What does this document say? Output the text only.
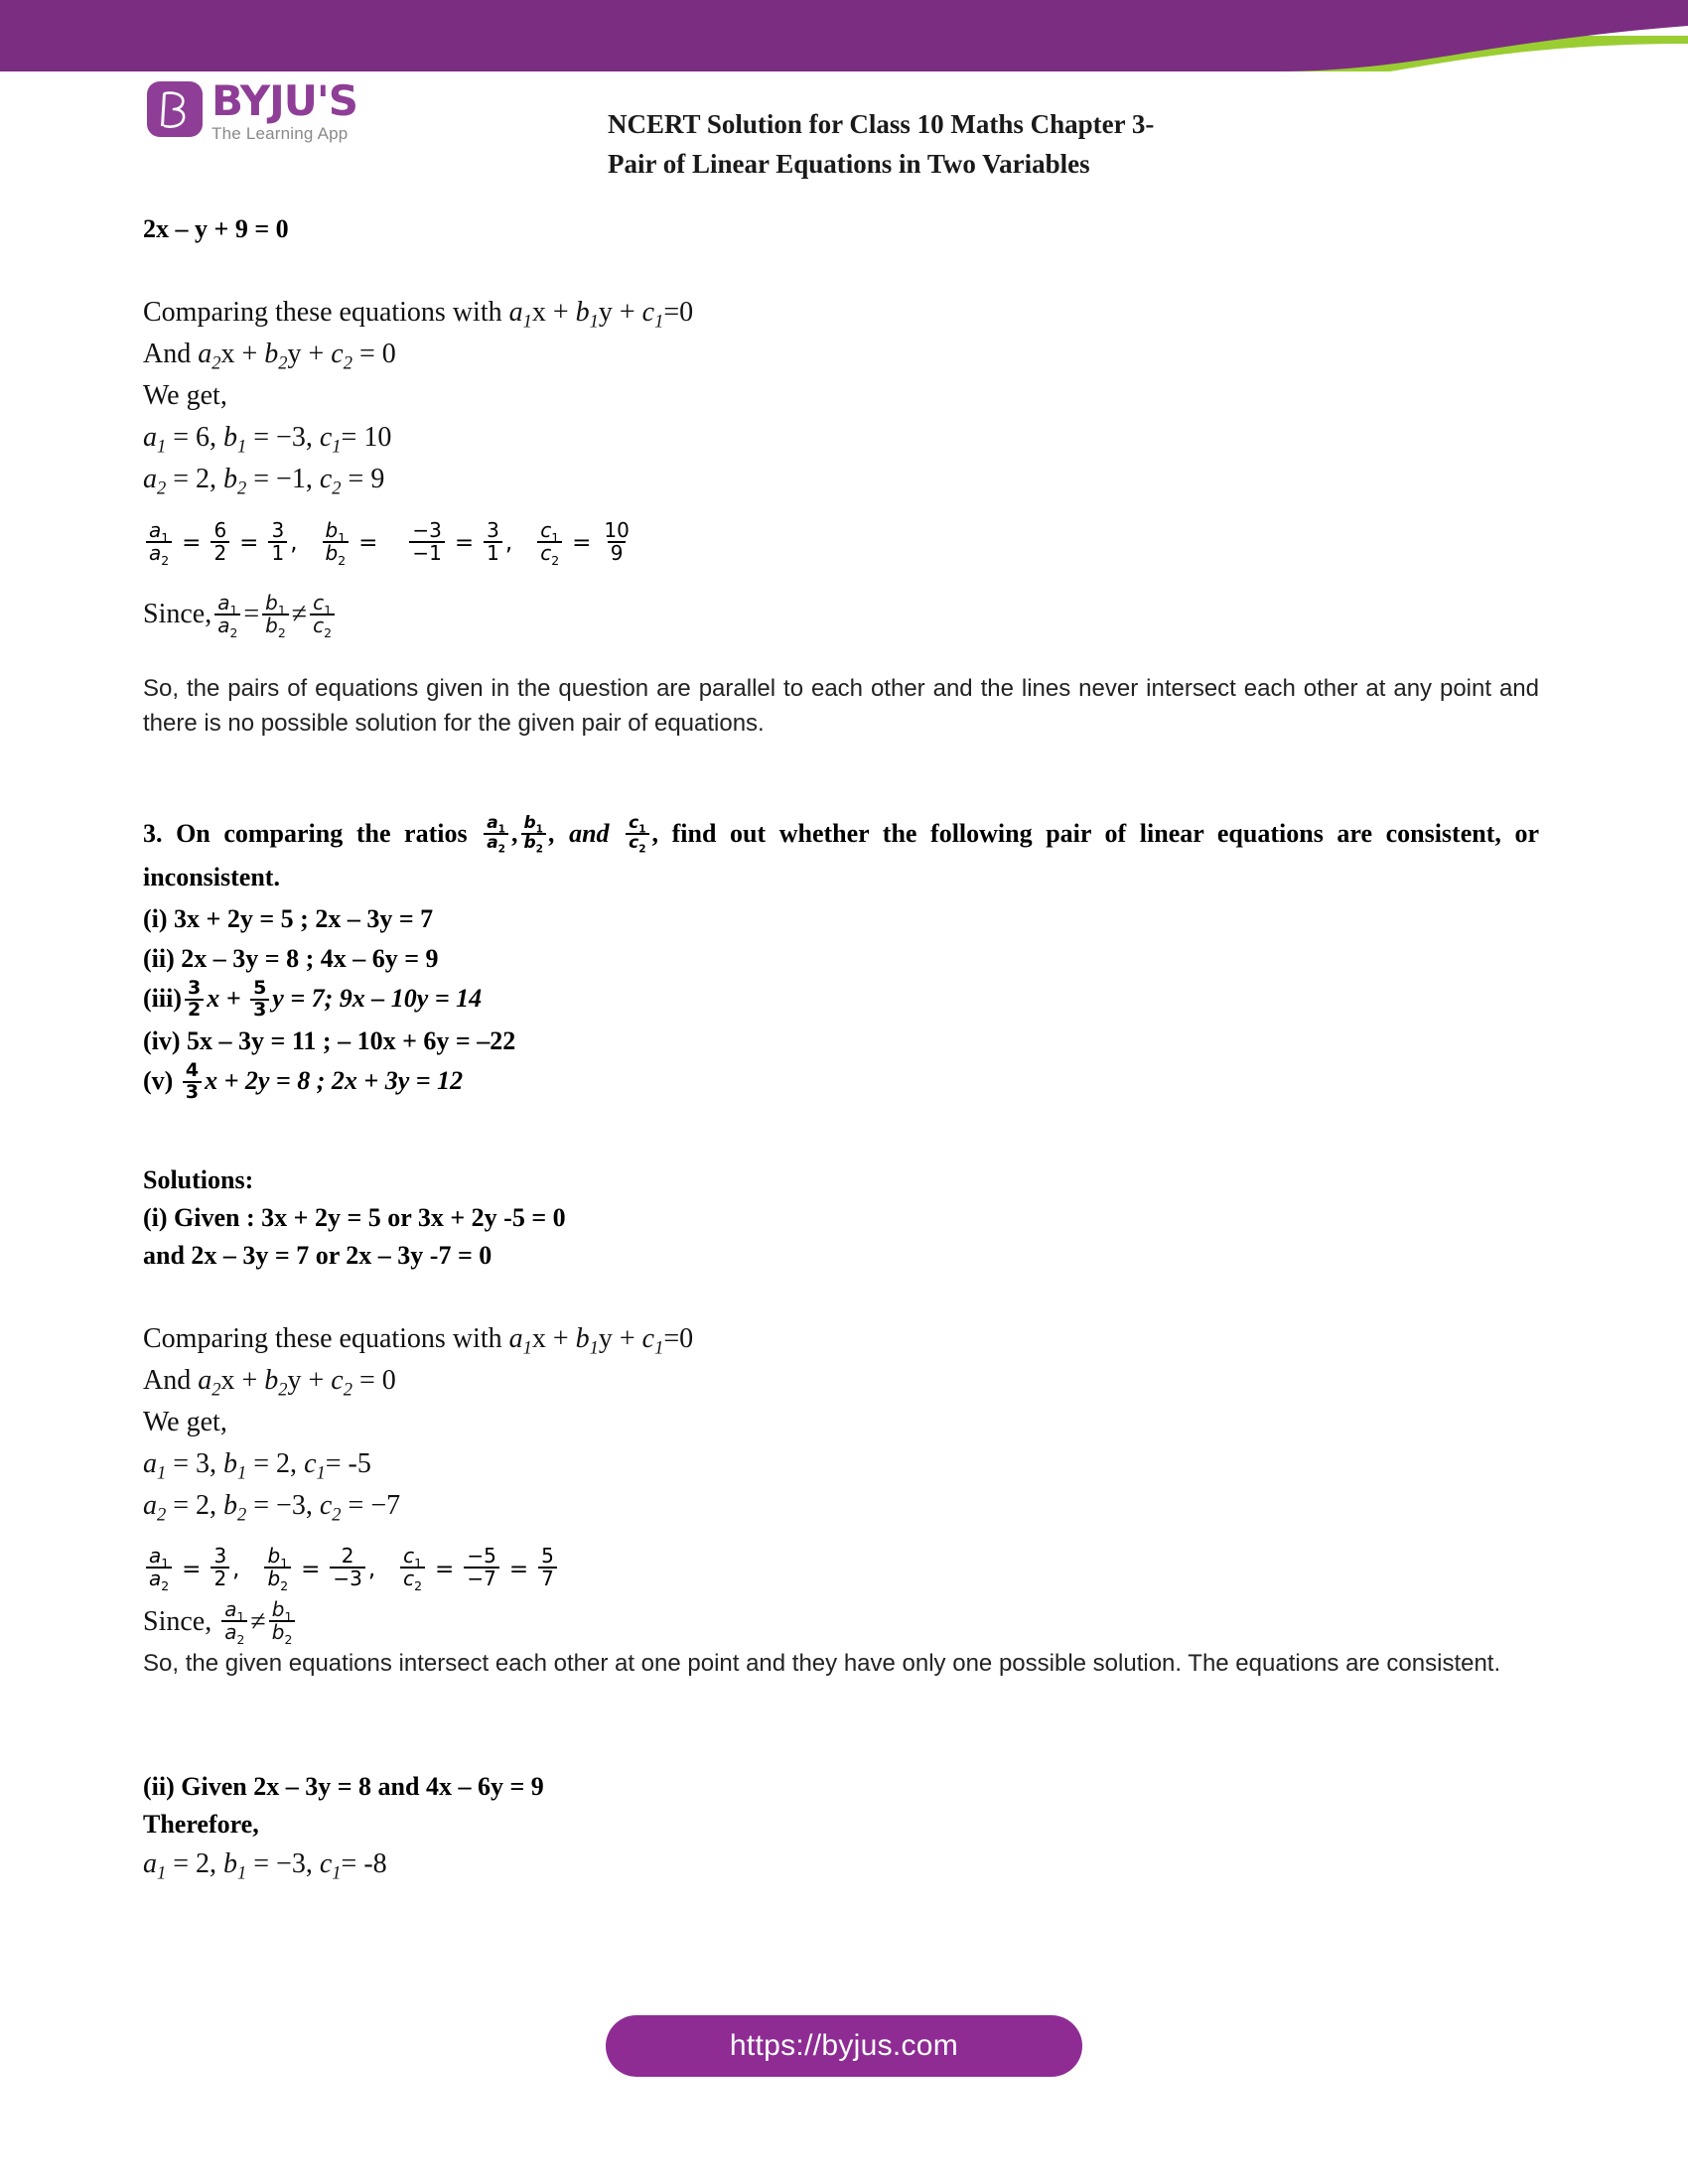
BYJU'S
The Learning App	NCERT Solution for Class 10 Maths Chapter 3-
Pair of Linear Equations in Two Variables
2x – y + 9 = 0
Comparing these equations with $a_1x + b_1y + c_1=0$
And $a_2x + b_2y + c_2 = 0$
We get,
$a_1 = 6$, $b_1 = -3$, $c_1= 10$
$a_2 = 2$, $b_2 = -1$, $c_2 = 9$
$\frac{a_1}{a_2} = \frac{6}{2} = \frac{3}{1}$ , $\frac{b_1}{b_2} = \frac{-3}{-1} = \frac{3}{1}$ , $\frac{c_1}{c_2} = \frac{10}{9}$
Since, $\frac{a_1}{a_2} = \frac{b_1}{b_2} \ne \frac{c_1}{c_2}$

So, the pairs of equations given in the question are parallel to each other and the lines never intersect each other at any point and there is no possible solution for the given pair of equations.

3. On comparing the ratios $\frac{a_1}{a_2}$ , $\frac{b_1}{b_2}$ , and $\frac{c_1}{c_2}$ , find out whether the following pair of linear equations are consistent, or inconsistent.
(i) 3x + 2y = 5 ; 2x – 3y = 7
(ii) 2x – 3y = 8 ; 4x – 6y = 9
$(iii) \frac{3}{2}$ $x + \frac{5}{3}$ y = 7; 9x – 10y = 14
(iv) 5x – 3y = 11 ; – 10x + 6y = –22
$(v) \frac{4}{3}$ x + 2y = 8 ; 2x + 3y = 12
Solutions:
(i) Given : 3x + 2y = 5 or 3x + 2y -5 = 0
and 2x – 3y = 7 or 2x – 3y -7 = 0
Comparing these equations with $a_1x + b_1y + c_1=0$
And $a_2x + b_2y + c_2 = 0$
We get,
$a_1 = 3$, $b_1 = 2$, $c_1= -5$
$a_2 = 2$, $b_2 = -3$, $c_2 = -7$
$\frac{a_1}{a_2} = \frac{3}{2}$ , $\frac{b_1}{b_2} = \frac{2}{-3}$ , $\frac{c_1}{c_2} = \frac{-5}{-7} = \frac{5}{7}$
Since, $\frac{a_1}{a_2} \ne \frac{b_1}{b_2}$

So, the given equations intersect each other at one point and they have only one possible solution. The equations are consistent.

(ii) Given 2x – 3y = 8 and 4x – 6y = 9
Therefore,
$a_1 = 2$, $b_1 = -3$, $c_1= -8$
https://byjus.com
